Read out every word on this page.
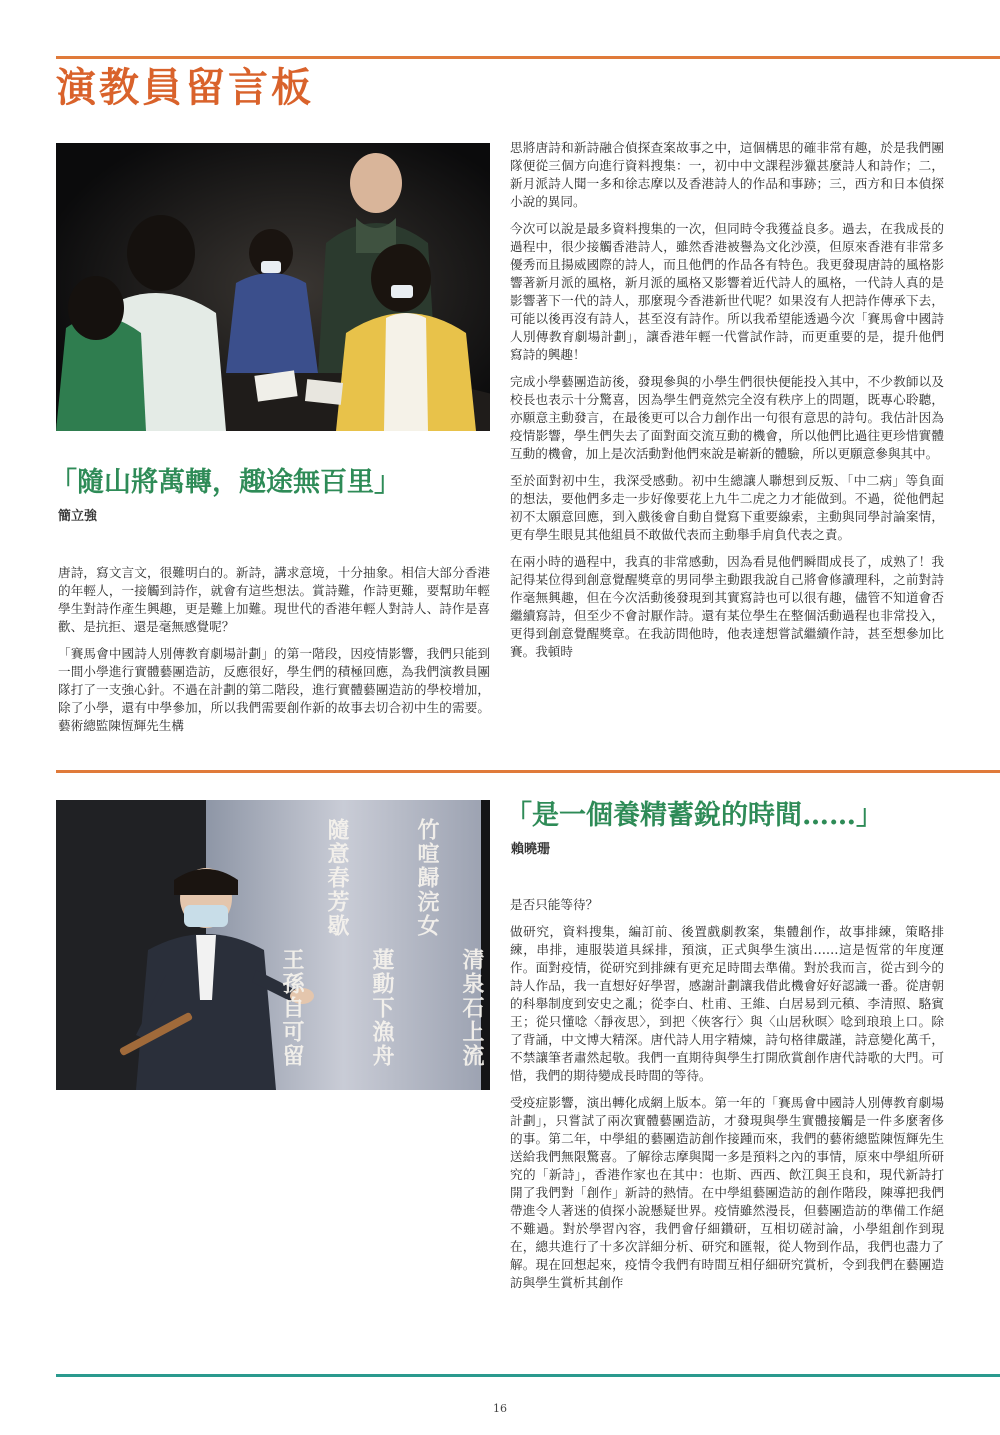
演教員留言板
「隨山將萬轉，趣途無百里」
簡立強

唐詩，寫文言文，很難明白的。新詩，講求意境，十分抽象。相信大部分香港的年輕人，一接觸到詩作，就會有這些想法。賞詩難，作詩更難，要幫助年輕學生對詩作產生興趣，更是難上加難。現世代的香港年輕人對詩人、詩作是喜歡、是抗拒、還是毫無感覺呢？

「賽馬會中國詩人別傳教育劇場計劃」的第一階段，因疫情影響，我們只能到一間小學進行實體藝團造訪，反應很好，學生們的積極回應，為我們演教員團隊打了一支強心針。不過在計劃的第二階段，進行實體藝團造訪的學校增加，除了小學，還有中學參加，所以我們需要創作新的故事去切合初中生的需要。藝術總監陳恆輝先生構

思將唐詩和新詩融合偵探查案故事之中，這個構思的確非常有趣，於是我們團隊便從三個方向進行資料搜集：一，初中中文課程涉獵甚麼詩人和詩作；二，新月派詩人聞一多和徐志摩以及香港詩人的作品和事跡；三，西方和日本偵探小說的異同。

今次可以說是最多資料搜集的一次，但同時令我獲益良多。過去，在我成長的過程中，很少接觸香港詩人，雖然香港被譽為文化沙漠，但原來香港有非常多優秀而且揚威國際的詩人，而且他們的作品各有特色。我更發現唐詩的風格影響著新月派的風格，新月派的風格又影響着近代詩人的風格，一代詩人真的是影響著下一代的詩人，那麼現今香港新世代呢？如果沒有人把詩作傳承下去，可能以後再沒有詩人，甚至沒有詩作。所以我希望能透過今次「賽馬會中國詩人別傳教育劇場計劃」，讓香港年輕一代嘗試作詩，而更重要的是，提升他們寫詩的興趣！

完成小學藝團造訪後，發現參與的小學生們很快便能投入其中，不少教師以及校長也表示十分驚喜，因為學生們竟然完全沒有秩序上的問題，既專心聆聽，亦願意主動發言，在最後更可以合力創作出一句很有意思的詩句。我估計因為疫情影響，學生們失去了面對面交流互動的機會，所以他們比過往更珍惜實體互動的機會，加上是次活動對他們來說是嶄新的體驗，所以更願意參與其中。

至於面對初中生，我深受感動。初中生總讓人聯想到反叛、「中二病」等負面的想法，要他們多走一步好像要花上九牛二虎之力才能做到。不過，從他們起初不太願意回應，到入戲後會自動自覺寫下重要線索，主動與同學討論案情，更有學生眼見其他組員不敢做代表而主動舉手肩負代表之責。

在兩小時的過程中，我真的非常感動，因為看見他們瞬間成長了，成熟了！我記得某位得到創意覺醒獎章的男同學主動跟我說自己將會修讀理科，之前對詩作毫無興趣，但在今次活動後發現到其實寫詩也可以很有趣，儘管不知道會否繼續寫詩，但至少不會討厭作詩。還有某位學生在整個活動過程也非常投入，更得到創意覺醒獎章。在我訪問他時，他表達想嘗試繼續作詩，甚至想參加比賽。我頓時

清泉石上流
竹喧歸浣女
蓮動下漁舟
隨意春芳歇
王孫自可留
「是一個養精蓄銳的時間……」
賴曉珊

是否只能等待？

做研究，資料搜集，編訂前、後置戲劇教案，集體創作，故事排練，策略排練，串排，連服裝道具綵排，預演，正式與學生演出……這是恆常的年度運作。面對疫情，從研究到排練有更充足時間去準備。對於我而言，從古到今的詩人作品，我一直想好好學習，感謝計劃讓我借此機會好好認識一番。從唐朝的科舉制度到安史之亂；從李白、杜甫、王維、白居易到元稹、李清照、駱賓王；從只懂唸〈靜夜思〉，到把〈俠客行〉與〈山居秋暝〉唸到琅琅上口。除了背誦，中文博大精深。唐代詩人用字精煉，詩句格律嚴謹，詩意變化萬千，不禁讓筆者肅然起敬。我們一直期待與學生打開欣賞創作唐代詩歌的大門。可惜，我們的期待變成長時間的等待。

受疫症影響，演出轉化成網上版本。第一年的「賽馬會中國詩人別傳教育劇場計劃」，只嘗試了兩次實體藝團造訪，才發現與學生實體接觸是一件多麼奢侈的事。第二年，中學組的藝團造訪創作接踵而來，我們的藝術總監陳恆輝先生送給我們無限驚喜。了解徐志摩與聞一多是預料之內的事情，原來中學組所研究的「新詩」，香港作家也在其中：也斯、西西、飲江與王良和，現代新詩打開了我們對「創作」新詩的熱情。在中學組藝團造訪的創作階段，陳導把我們帶進令人著迷的偵探小說懸疑世界。疫情雖然漫長，但藝團造訪的準備工作絕不難過。對於學習內容，我們會仔細鑽研，互相切磋討論，小學組創作到現在，總共進行了十多次詳細分析、研究和匯報，從人物到作品，我們也盡力了解。現在回想起來，疫情令我們有時間互相仔細研究賞析，令到我們在藝團造訪與學生賞析其創作

16
